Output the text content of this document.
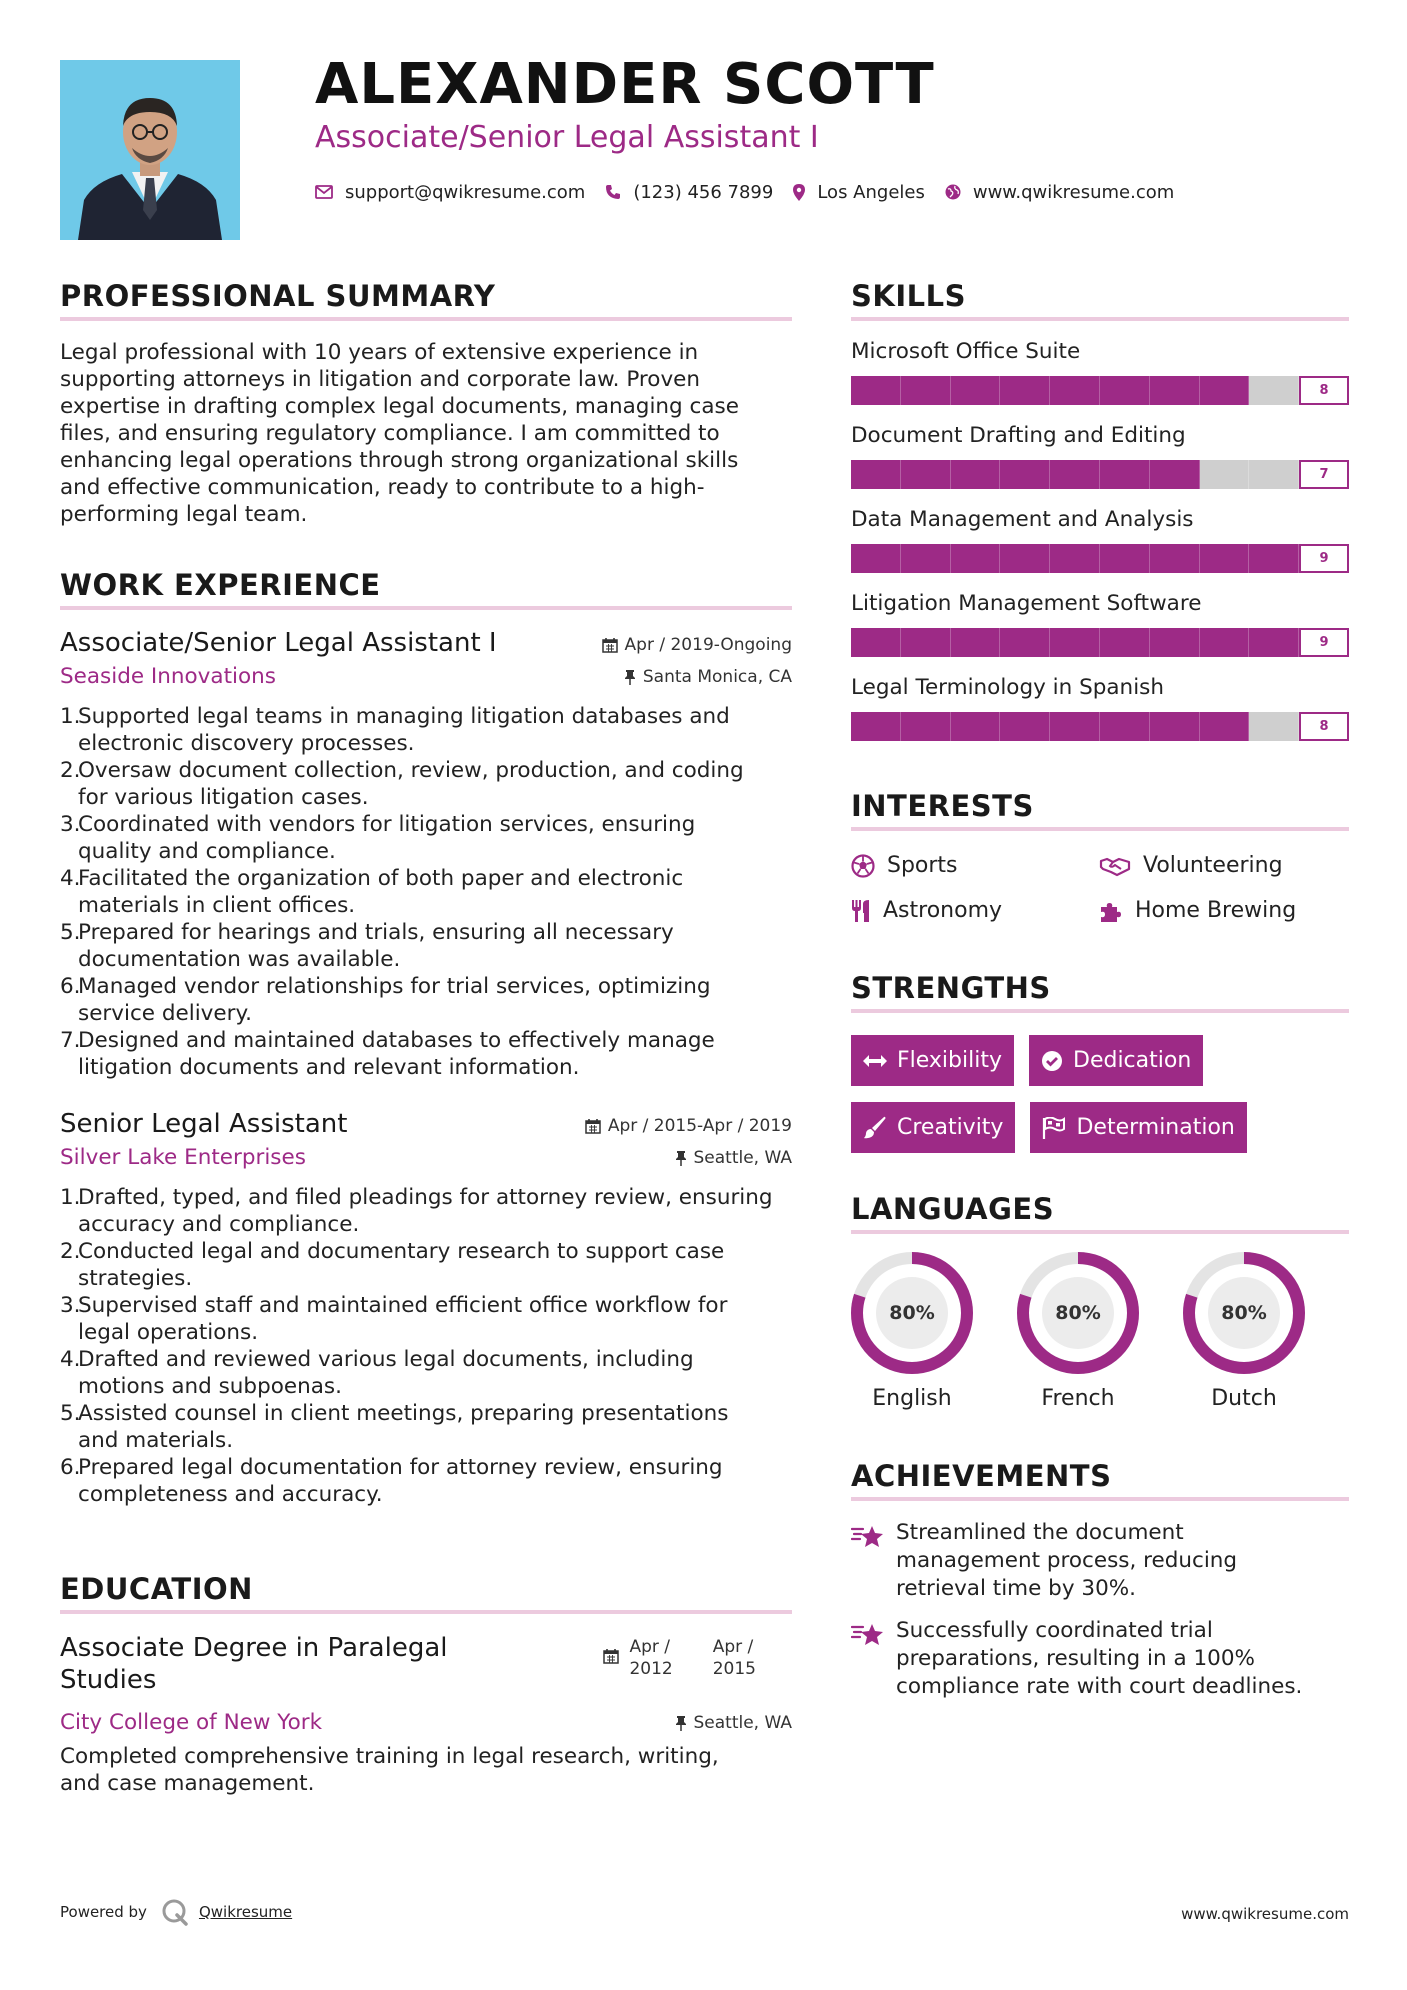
ALEXANDER SCOTT
Associate/Senior Legal Assistant I
support@qwikresume.com	(123) 456 7899 Los Angeles	www.qwikresume.com
PROFESSIONAL SUMMARY
Legal professional with 10 years of extensive experience in
supporting attorneys in litigation and corporate law. Proven
expertise in drafting complex legal documents, managing case
files, and ensuring regulatory compliance. I am committed to
enhancing legal operations through strong organizational skills
and effective communication, ready to contribute to a high-
performing legal team.
WORK EXPERIENCE
Associate/Senior Legal Assistant I	Apr / 2019-Ongoing
Seaside Innovations	Santa Monica, CA
1.
Supported legal teams in managing litigation databases and
electronic discovery processes.
2.
Oversaw document collection, review, production, and coding
for various litigation cases.
3.
Coordinated with vendors for litigation services, ensuring
quality and compliance.
4.
Facilitated the organization of both paper and electronic
materials in client offices.
5.
Prepared for hearings and trials, ensuring all necessary
documentation was available.
6.
Managed vendor relationships for trial services, optimizing
service delivery.
7.
Designed and maintained databases to effectively manage
litigation documents and relevant information.
Senior Legal Assistant	Apr / 2015-Apr / 2019
Silver Lake Enterprises	Seattle, WA
1.
Drafted, typed, and filed pleadings for attorney review, ensuring
accuracy and compliance.
2.
Conducted legal and documentary research to support case
strategies.
3.
Supervised staff and maintained efficient office workflow for
legal operations.
4.
Drafted and reviewed various legal documents, including
motions and subpoenas.
5.
Assisted counsel in client meetings, preparing presentations
and materials.
6.
Prepared legal documentation for attorney review, ensuring
completeness and accuracy.
EDUCATION
Associate Degree in Paralegal
Studies
Apr /
2012
Apr /
2015
City College of New York	Seattle, WA
Completed comprehensive training in legal research, writing,
and case management.
SKILLS
Microsoft Office Suite
8
Document Drafting and Editing
7
Data Management and Analysis
9
Litigation Management Software
9
Legal Terminology in Spanish
8
INTERESTS
Sports	Volunteering
Astronomy	Home Brewing
STRENGTHS
Flexibility	Dedication
Creativity	Determination
LANGUAGES
80%
English
80%
French
80%
Dutch
ACHIEVEMENTS
Streamlined the document
management process, reducing
retrieval time by 30%.
Successfully coordinated trial
preparations, resulting in a 100%
compliance rate with court deadlines.
Powered by	Qwikresume	www.qwikresume.com
